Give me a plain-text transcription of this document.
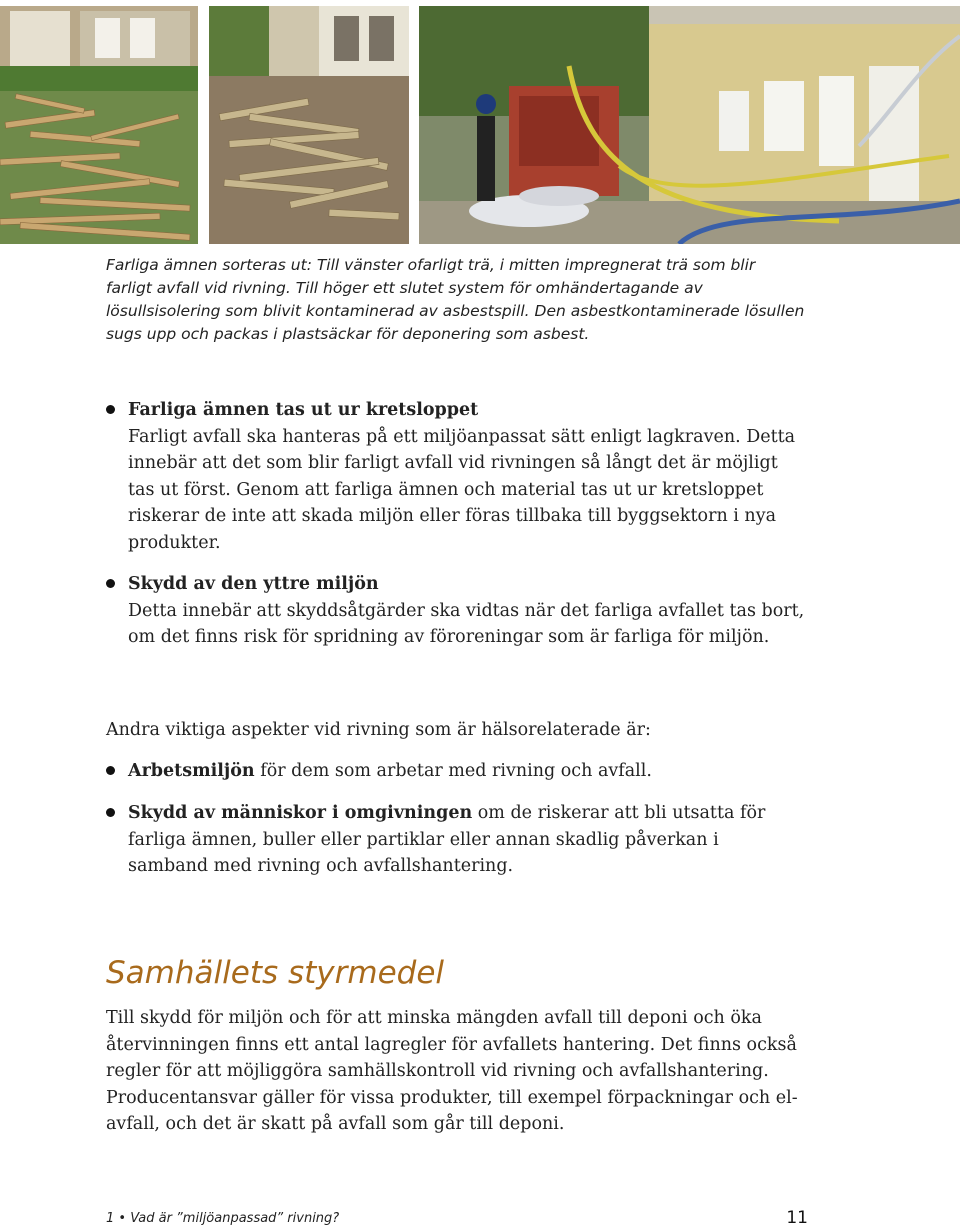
Farliga ämnen sorteras ut: Till vänster ofarligt trä, i mitten impregnerat trä som blir farligt avfall vid rivning. Till höger ett slutet system för omhändertagande av lösullsisolering som blivit kontaminerad av asbestspill. Den asbestkontaminerade lösullen sugs upp och packas i plastsäckar för deponering som asbest.
Farliga ämnen tas ut ur kretsloppet
Farligt avfall ska hanteras på ett miljöanpassat sätt enligt lagkraven. Detta innebär att det som blir farligt avfall vid rivningen så långt det är möjligt tas ut först. Genom att farliga ämnen och material tas ut ur kretsloppet riskerar de inte att skada miljön eller föras tillbaka till byggsektorn i nya produkter.
Skydd av den yttre miljön
Detta innebär att skyddsåtgärder ska vidtas när det farliga avfallet tas bort, om det finns risk för spridning av föroreningar som är farliga för miljön.
Andra viktiga aspekter vid rivning som är hälsorelaterade är:
Arbetsmiljön för dem som arbetar med rivning och avfall.
Skydd av människor i omgivningen om de riskerar att bli utsatta för farliga ämnen, buller eller partiklar eller annan skadlig påverkan i samband med rivning och avfallshantering.
Samhällets styrmedel
Till skydd för miljön och för att minska mängden avfall till deponi och öka återvinningen finns ett antal lagregler för avfallets hantering. Det finns också regler för att möjliggöra samhällskontroll vid rivning och avfallshantering. Producentansvar gäller för vissa produkter, till exempel förpackningar och el-avfall, och det är skatt på avfall som går till deponi.
1 • Vad är ”miljöanpassad” rivning?	11
